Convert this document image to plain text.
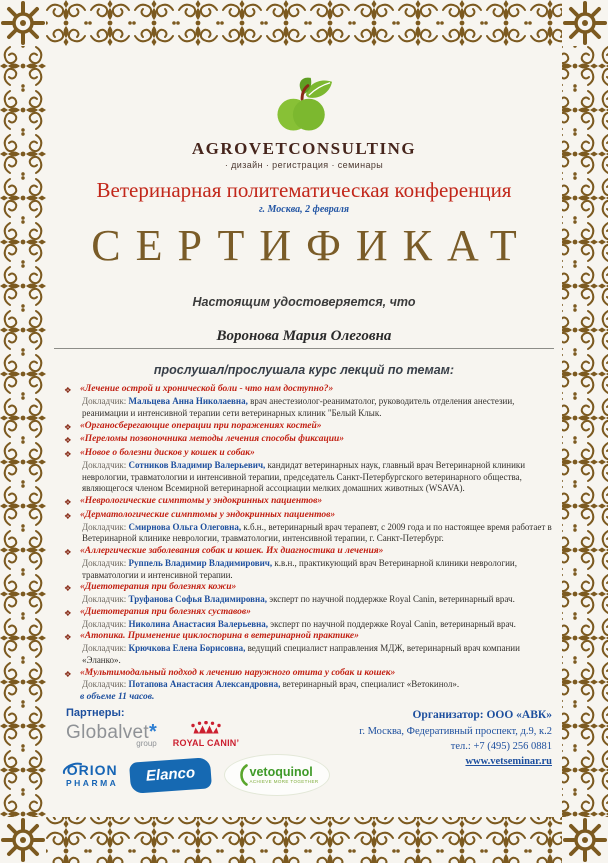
AGROVETCONSULTING
· дизайн · регистрация · семинары
Ветеринарная политематическая конференция
г. Москва, 2 февраля
СЕРТИФИКАТ
Настоящим удостоверяется, что
Воронова Мария Олеговна
прослушал/прослушала курс лекций по темам:
❖ «Лечение острой и хронической боли - что нам доступно?»
Докладчик: Мальцева Анна Николаевна, врач анестезиолог-реаниматолог, руководитель отделения анестезии, реанимации и интенсивной терапии сети ветеринарных клиник "Белый Клык.
❖ «Органосберегающие операции при поражениях костей»
❖ «Переломы позвоночника методы лечения способы фиксации»
❖ «Новое о болезни дисков у кошек и собак»
Докладчик: Сотников Владимир Валерьевич, кандидат ветеринарных наук, главный врач Ветеринарной клиники неврологии, травматологии и интенсивной терапии, председатель Санкт-Петербургского ветеринарного общества, являющегося членом Всемирной ветеринарной ассоциации мелких домашних животных (WSAVA).
❖ «Неврологические симптомы у эндокринных пациентов»
❖ «Дерматологические симптомы у эндокринных пациентов»
Докладчик: Смирнова Ольга Олеговна, к.б.н., ветеринарный врач терапевт, с 2009 года и по настоящее время работает в Ветеринарной клинике неврологии, травматологии, интенсивной терапии, г. Санкт-Петербург.
❖ «Аллергические заболевания собак и кошек. Их диагностика и лечения»
Докладчик: Руппель Владимир Владимирович, к.в.н., практикующий врач Ветеринарной клиники неврологии, травматологии и интенсивной терапии.
❖ «Диетотерапия при болезнях кожи»
Докладчик: Труфанова Софья Владимировна, эксперт по научной поддержке Royal Canin, ветеринарный врач.
❖ «Диетотерапия при болезнях суставов»
Докладчик: Николина Анастасия Валерьевна, эксперт по научной поддержке Royal Canin, ветеринарный врач.
❖ «Атопика. Применение циклоспорина в ветеринарной практике»
Докладчик: Крючкова Елена Борисовна, ведущий специалист направления МДЖ, ветеринарный врач компании «Эланко».
❖ «Мультимодальный подход к лечению наружного отита у собак и кошек»
Докладчик: Потапова Анастасия Александровна, ветеринарный врач, специалист «Ветокинол».
в объеме 11 часов.
Партнеры:
Globalvet*
group ROYAL CANIN’
ORION
PHARMA	Elanco	vetoquinol
ACHIEVE MORE TOGETHER
Организатор: ООО «АВК»
г. Москва, Федеративный проспект, д.9, к.2
тел.: +7 (495) 256 0881
www.vetseminar.ru
